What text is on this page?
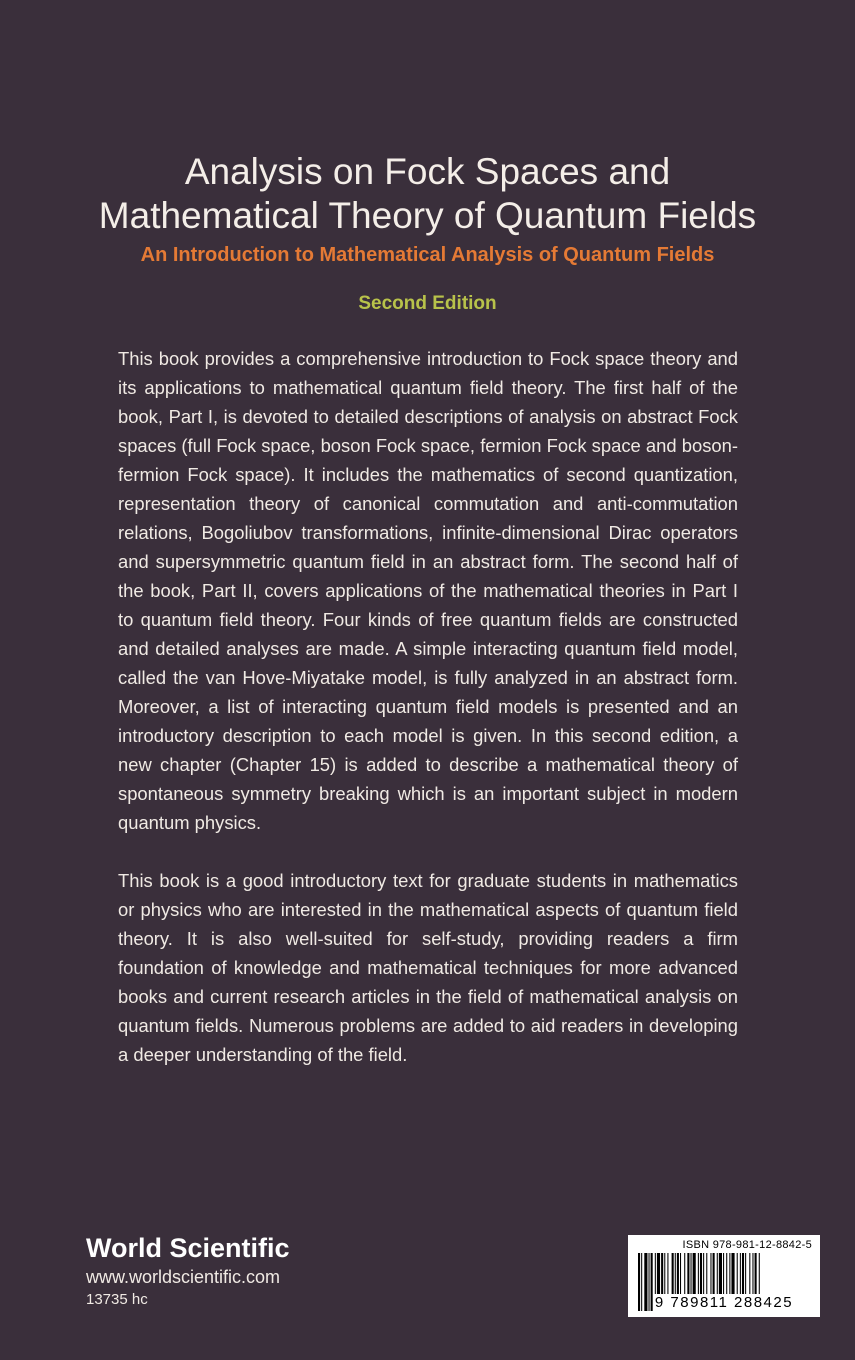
Analysis on Fock Spaces and
Mathematical Theory of Quantum Fields
An Introduction to Mathematical Analysis of Quantum Fields
Second Edition

This book provides a comprehensive introduction to Fock space theory and its applications to mathematical quantum field theory. The first half of the book, Part I, is devoted to detailed descriptions of analysis on abstract Fock spaces (full Fock space, boson Fock space, fermion Fock space and boson-fermion Fock space). It includes the mathematics of second quantization, representation theory of canonical commutation and anti-commutation relations, Bogoliubov transformations, infinite-dimensional Dirac operators and supersymmetric quantum field in an abstract form. The second half of the book, Part II, covers applications of the mathematical theories in Part I to quantum field theory. Four kinds of free quantum fields are constructed and detailed analyses are made. A simple interacting quantum field model, called the van Hove-Miyatake model, is fully analyzed in an abstract form. Moreover, a list of interacting quantum field models is presented and an introductory description to each model is given. In this second edition, a new chapter (Chapter 15) is added to describe a mathematical theory of spontaneous symmetry breaking which is an important subject in modern quantum physics.

This book is a good introductory text for graduate students in mathematics or physics who are interested in the mathematical aspects of quantum field theory. It is also well-suited for self-study, providing readers a firm foundation of knowledge and mathematical techniques for more advanced books and current research articles in the field of mathematical analysis on quantum fields. Numerous problems are added to aid readers in developing a deeper understanding of the field.

World Scientific
www.worldscientific.com
13735 hc
ISBN 978-981-12-8842-5
9 789811 288425
